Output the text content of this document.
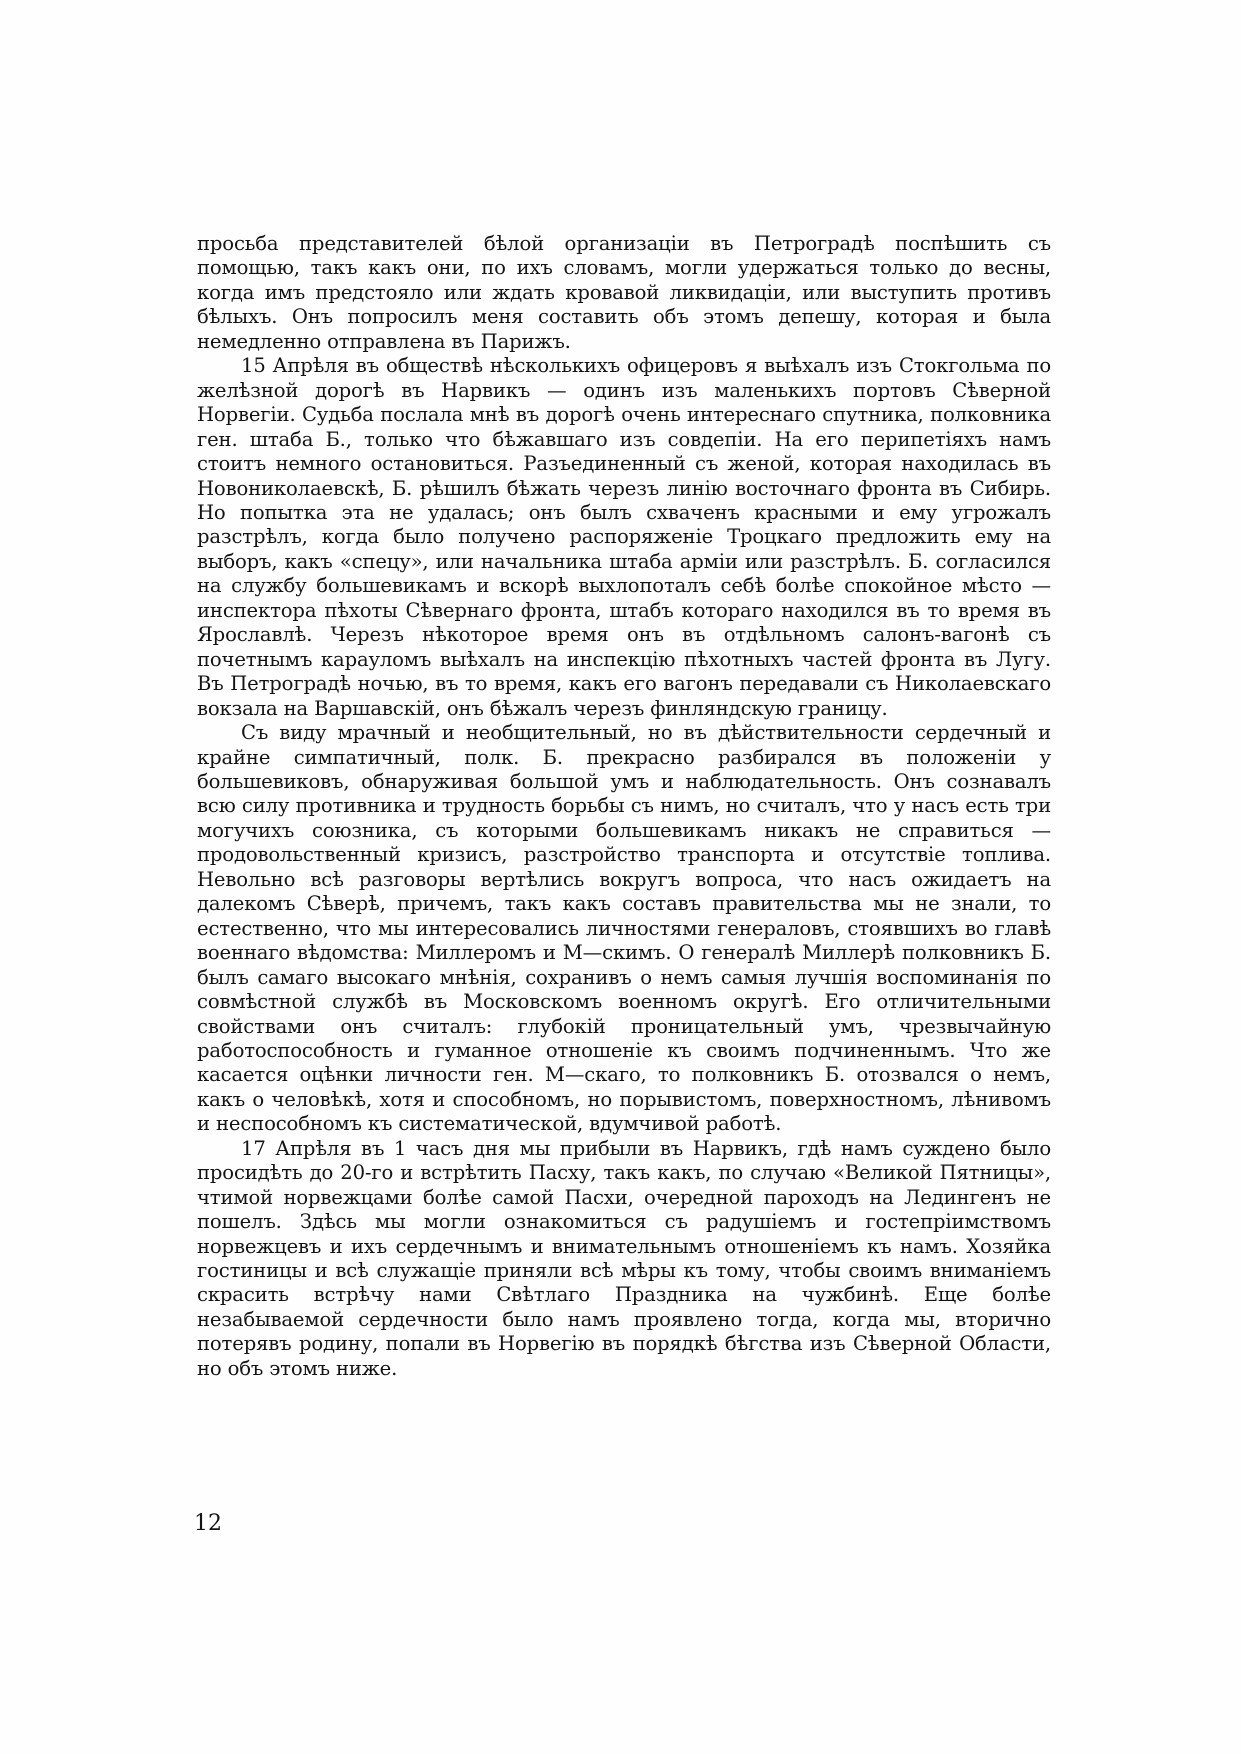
просьба представителей бѣлой организаціи въ Петроградѣ поспѣшить съ помощью, такъ какъ они, по ихъ словамъ, могли удержаться только до весны, когда имъ предстояло или ждать кровавой ликвидаціи, или выступить противъ бѣлыхъ. Онъ попросилъ меня составить объ этомъ депешу, которая и была немедленно отправлена въ Парижъ.

15 Апрѣля въ обществѣ нѣсколькихъ офицеровъ я выѣхалъ изъ Стокгольма по желѣзной дорогѣ въ Нарвикъ — одинъ изъ маленькихъ портовъ Сѣверной Норвегіи. Судьба послала мнѣ въ дорогѣ очень интереснаго спутника, полковника ген. штаба Б., только что бѣжавшаго изъ совдепіи. На его перипетіяхъ намъ стоитъ немного остановиться. Разъединенный съ женой, которая находилась въ Новониколаевскѣ, Б. рѣшилъ бѣжать черезъ линію восточнаго фронта въ Сибирь. Но попытка эта не удалась; онъ былъ схваченъ красными и ему угрожалъ разстрѣлъ, когда было получено распоряженіе Троцкаго предложить ему на выборъ, какъ «спецу», или начальника штаба арміи или разстрѣлъ. Б. согласился на службу большевикамъ и вскорѣ выхлопоталъ себѣ болѣе спокойное мѣсто — инспектора пѣхоты Сѣвернаго фронта, штабъ котораго находился въ то время въ Ярославлѣ. Черезъ нѣкоторое время онъ въ отдѣльномъ салонъ-вагонѣ съ почетнымъ карауломъ выѣхалъ на инспекцію пѣхотныхъ частей фронта въ Лугу. Въ Петроградѣ ночью, въ то время, какъ его вагонъ передавали съ Николаевскаго вокзала на Варшавскій, онъ бѣжалъ черезъ финляндскую границу.

Съ виду мрачный и необщительный, но въ дѣйствительности сердечный и крайне симпатичный, полк. Б. прекрасно разбирался въ положеніи у большевиковъ, обнаруживая большой умъ и наблюдательность. Онъ сознавалъ всю силу противника и трудность борьбы съ нимъ, но считалъ, что у насъ есть три могучихъ союзника, съ которыми большевикамъ никакъ не справиться — продовольственный кризисъ, разстройство транспорта и отсутствіе топлива. Невольно всѣ разговоры вертѣлись вокругъ вопроса, что насъ ожидаетъ на далекомъ Сѣверѣ, причемъ, такъ какъ составъ правительства мы не знали, то естественно, что мы интересовались личностями генераловъ, стоявшихъ во главѣ военнаго вѣдомства: Миллеромъ и М—скимъ. О генералѣ Миллерѣ полковникъ Б. былъ самаго высокаго мнѣнія, сохранивъ о немъ самыя лучшія воспоминанія по совмѣстной службѣ въ Московскомъ военномъ округѣ. Его отличительными свойствами онъ считалъ: глубокій проницательный умъ, чрезвычайную работоспособность и гуманное отношеніе къ своимъ подчиненнымъ. Что же касается оцѣнки личности ген. М—скаго, то полковникъ Б. отозвался о немъ, какъ о человѣкѣ, хотя и способномъ, но порывистомъ, поверхностномъ, лѣнивомъ и неспособномъ къ систематической, вдумчивой работѣ.

17 Апрѣля въ 1 часъ дня мы прибыли въ Нарвикъ, гдѣ намъ суждено было просидѣть до 20-го и встрѣтить Пасху, такъ какъ, по случаю «Великой Пятницы», чтимой норвежцами болѣе самой Пасхи, очередной пароходъ на Ледингенъ не пошелъ. Здѣсь мы могли ознакомиться съ радушіемъ и гостепріимствомъ норвежцевъ и ихъ сердечнымъ и внимательнымъ отношеніемъ къ намъ. Хозяйка гостиницы и всѣ служащіе приняли всѣ мѣры къ тому, чтобы своимъ вниманіемъ скрасить встрѣчу нами Свѣтлаго Праздника на чужбинѣ. Еще болѣе незабываемой сердечности было намъ проявлено тогда, когда мы, вторично потерявъ родину, попали въ Норвегію въ порядкѣ бѣгства изъ Сѣверной Области, но объ этомъ ниже.

12
